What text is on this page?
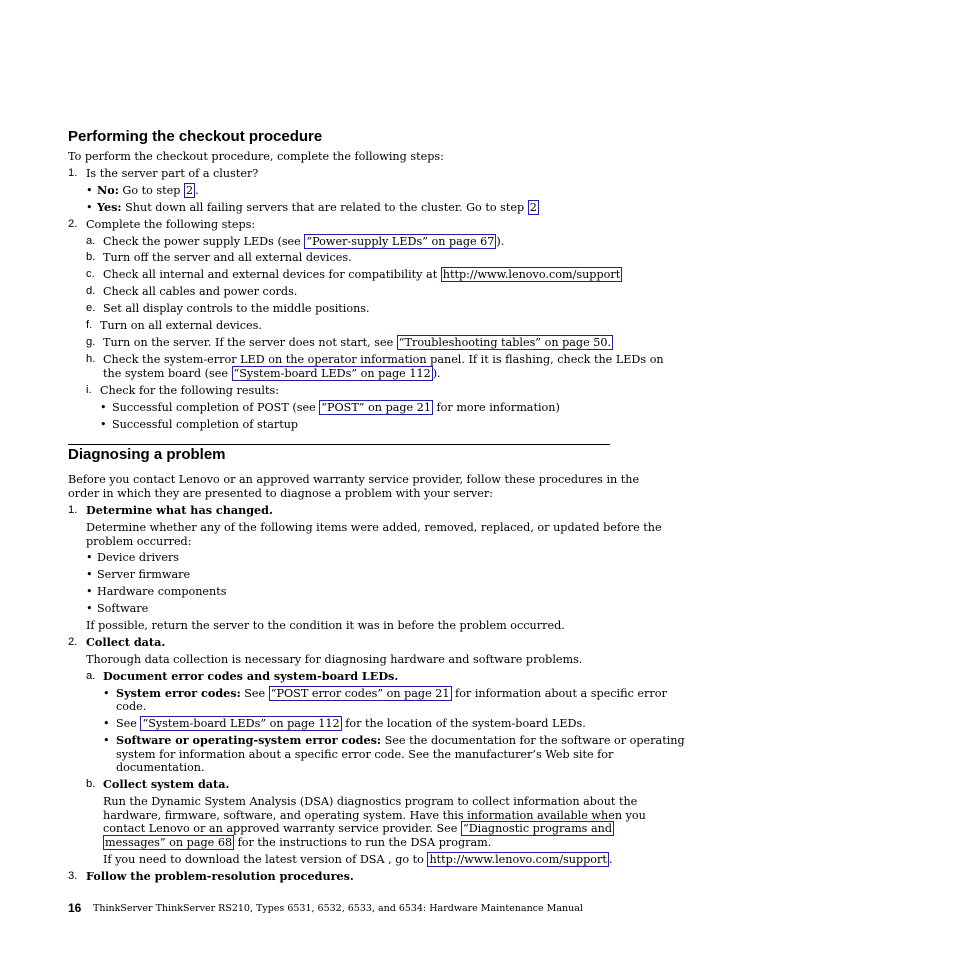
Performing the checkout procedure
To perform the checkout procedure, complete the following steps:
1. Is the server part of a cluster?
• No: Go to step 2 .
• Yes: Shut down all failing servers that are related to the cluster. Go to step 2
2. Complete the following steps:
a. Check the power supply LEDs (see “Power-supply LEDs” on page 67 ).
b. Turn off the server and all external devices.
c. Check all internal and external devices for compatibility at http://www.lenovo.com/support
d. Check all cables and power cords.
e. Set all display controls to the middle positions.
f. Turn on all external devices.
g. Turn on the server. If the server does not start, see “Troubleshooting tables” on page 50.
h. Check the system-error LED on the operator information panel. If it is flashing, check the LEDs on
the system board (see “System-board LEDs” on page 112 ).
i. Check for the following results:
• Successful completion of POST (see “POST” on page 21 for more information)
• Successful completion of startup
Diagnosing a problem
Before you contact Lenovo or an approved warranty service provider, follow these procedures in the
order in which they are presented to diagnose a problem with your server:
1. Determine what has changed.
Determine whether any of the following items were added, removed, replaced, or updated before the
problem occurred:
• Device drivers
• Server firmware
• Hardware components
• Software
If possible, return the server to the condition it was in before the problem occurred.
2. Collect data.
Thorough data collection is necessary for diagnosing hardware and software problems.
a. Document error codes and system-board LEDs.
• System error codes: See “POST error codes” on page 21 for information about a specific error
code.
• See “System-board LEDs” on page 112 for the location of the system-board LEDs.
• Software or operating-system error codes: See the documentation for the software or operating
system for information about a specific error code. See the manufacturer’s Web site for
documentation.
b. Collect system data.
Run the Dynamic System Analysis (DSA) diagnostics program to collect information about the
hardware, firmware, software, and operating system. Have this information available when you
contact Lenovo or an approved warranty service provider. See “Diagnostic programs and
messages” on page 68 for the instructions to run the DSA program.
If you need to download the latest version of DSA , go to http://www.lenovo.com/support .
3. Follow the problem-resolution procedures.
16 ThinkServer ThinkServer RS210, Types 6531, 6532, 6533, and 6534: Hardware Maintenance Manual
